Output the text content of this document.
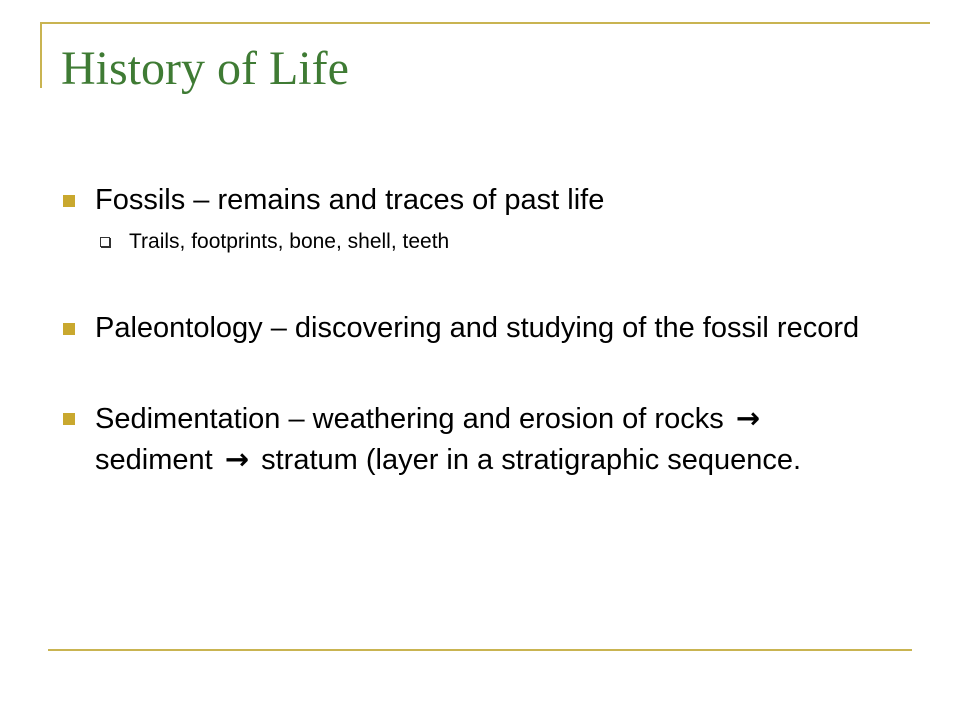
History of Life
Fossils – remains and traces of past life
Trails, footprints, bone, shell, teeth
Paleontology – discovering and studying of the fossil record
Sedimentation – weathering and erosion of rocks → sediment → stratum (layer in a stratigraphic sequence.
